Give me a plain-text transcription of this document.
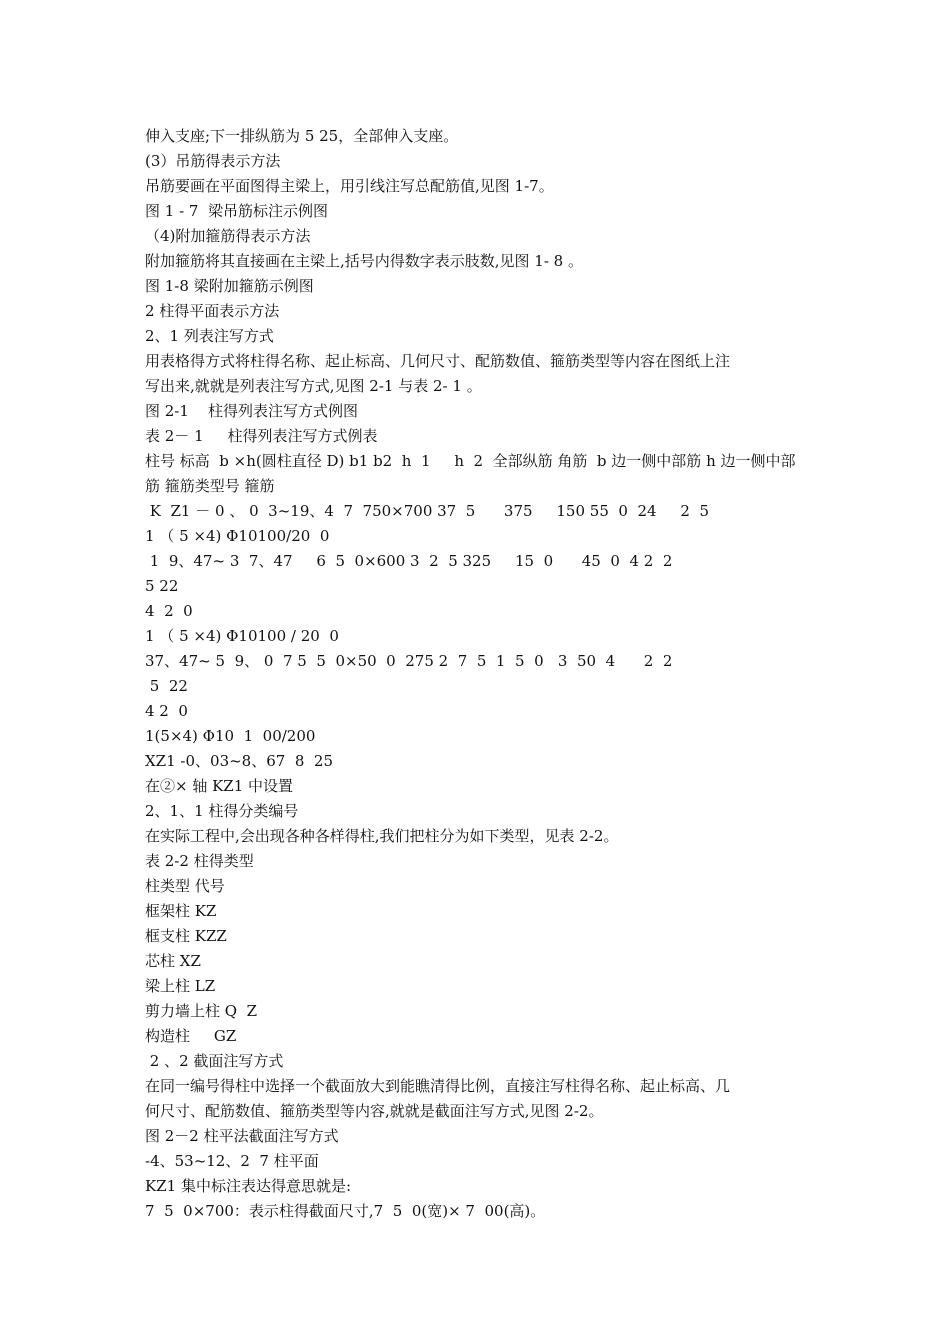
伸入支座;下一排纵筋为 5 25，全部伸入支座。
(3）吊筋得表示方法
吊筋要画在平面图得主梁上，用引线注写总配筋值,见图 1-7。
图 1 - 7  梁吊筋标注示例图
（4)附加箍筋得表示方法
附加箍筋将其直接画在主梁上,括号内得数字表示肢数,见图 1- 8 。
图 1-8 梁附加箍筋示例图
2 柱得平面表示方法
2、1 列表注写方式
用表格得方式将柱得名称、起止标高、几何尺寸、配筋数值、箍筋类型等内容在图纸上注
写出来,就就是列表注写方式,见图 2-1 与表 2- 1 。
图 2-1    柱得列表注写方式例图
表 2－ 1     柱得列表注写方式例表
柱号 标高  b ×h(圆柱直径 D) b1 b2  h  1     h  2  全部纵筋 角筋  b 边一侧中部筋 h 边一侧中部
筋 箍筋类型号 箍筋
K  Z1 － 0 、 0  3~19、4  7  750×700 37  5      375     150 55  0  24     2  5
1 （ 5 ×4) Φ10100/20  0
1  9、47~ 3  7、47     6  5  0×600 3  2  5 325     15  0      45  0  4 2  2
5 22
4  2  0
1 （ 5 ×4) Φ10100 / 20  0
37、47~ 5  9、 0  7 5  5  0×50  0  275 2  7  5  1  5  0   3  50  4      2  2
5  22
4 2  0
1(5×4) Φ10  1  00/200
XZ1 -0、03~8、67  8  25
在②× 轴 KZ1 中设置
2、1、1 柱得分类编号
在实际工程中,会出现各种各样得柱,我们把柱分为如下类型，见表 2-2。
表 2-2 柱得类型
柱类型 代号
框架柱 KZ
框支柱 KZZ
芯柱 XZ
梁上柱 LZ
剪力墙上柱 Q  Z
构造柱     GZ
2 、2 截面注写方式
在同一编号得柱中选择一个截面放大到能瞧清得比例，直接注写柱得名称、起止标高、几
何尺寸、配筋数值、箍筋类型等内容,就就是截面注写方式,见图 2-2。
图 2－2 柱平法截面注写方式
-4、53~12、2  7 柱平面
KZ1 集中标注表达得意思就是:
7  5  0×700：表示柱得截面尺寸,7  5  0(宽)× 7  00(高)。
